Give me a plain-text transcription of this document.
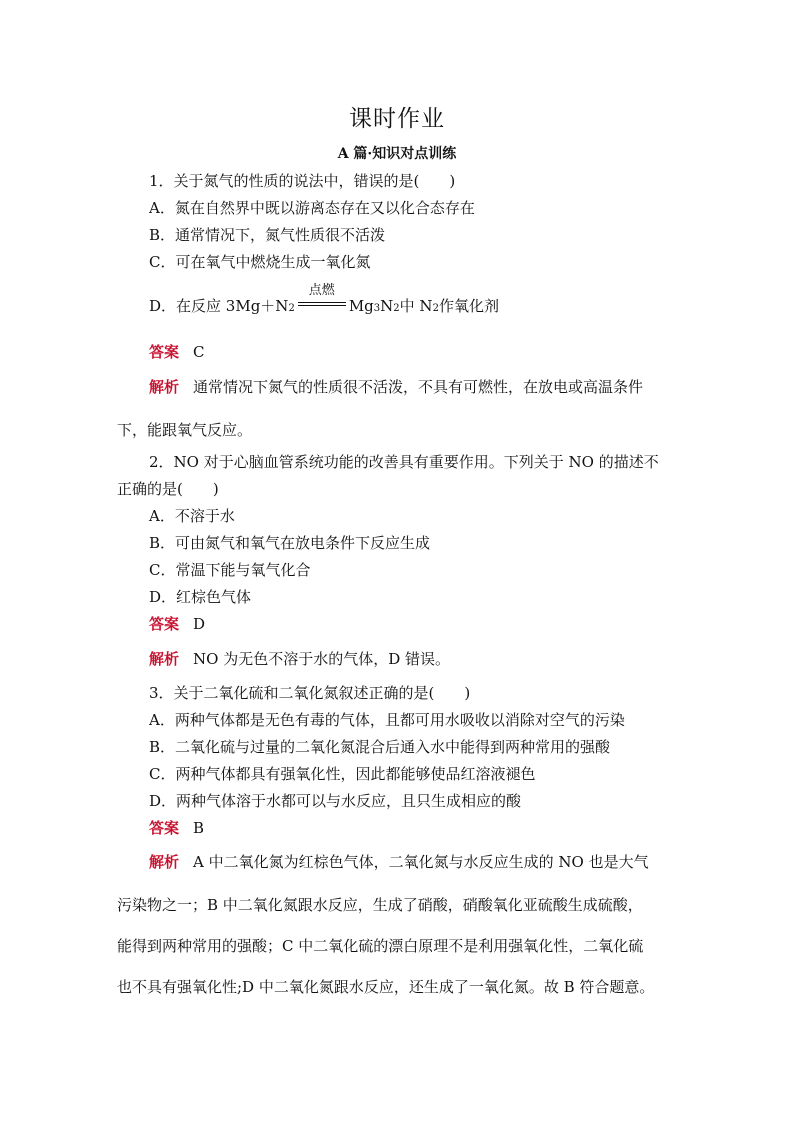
课时作业
A 篇·知识对点训练
1．关于氮气的性质的说法中，错误的是(　　)
A．氮在自然界中既以游离态存在又以化合态存在
B．通常情况下，氮气性质很不活泼
C．可在氧气中燃烧生成一氧化氮
D．在反应 $3Mg+N_2$
点燃
Mg 3 N 2 中 $N_2$ 作氧化剂
答案 C
解析 通常情况下氮气的性质很不活泼，不具有可燃性，在放电或高温条件
下，能跟氧气反应。
2．NO 对于心脑血管系统功能的改善具有重要作用。下列关于 NO 的描述不
正确的是(　　)
A．不溶于水
B．可由氮气和氧气在放电条件下反应生成
C．常温下能与氧气化合
D．红棕色气体
答案 D
解析 NO 为无色不溶于水的气体，D 错误。
3．关于二氧化硫和二氧化氮叙述正确的是(　　)
A．两种气体都是无色有毒的气体，且都可用水吸收以消除对空气的污染
B．二氧化硫与过量的二氧化氮混合后通入水中能得到两种常用的强酸
C．两种气体都具有强氧化性，因此都能够使品红溶液褪色
D．两种气体溶于水都可以与水反应，且只生成相应的酸
答案 B
解析 A 中二氧化氮为红棕色气体，二氧化氮与水反应生成的 NO 也是大气
污染物之一；B 中二氧化氮跟水反应，生成了硝酸，硝酸氧化亚硫酸生成硫酸，
能得到两种常用的强酸；C 中二氧化硫的漂白原理不是利用强氧化性，二氧化硫
也不具有强氧化性;D 中二氧化氮跟水反应，还生成了一氧化氮。故 B 符合题意。
